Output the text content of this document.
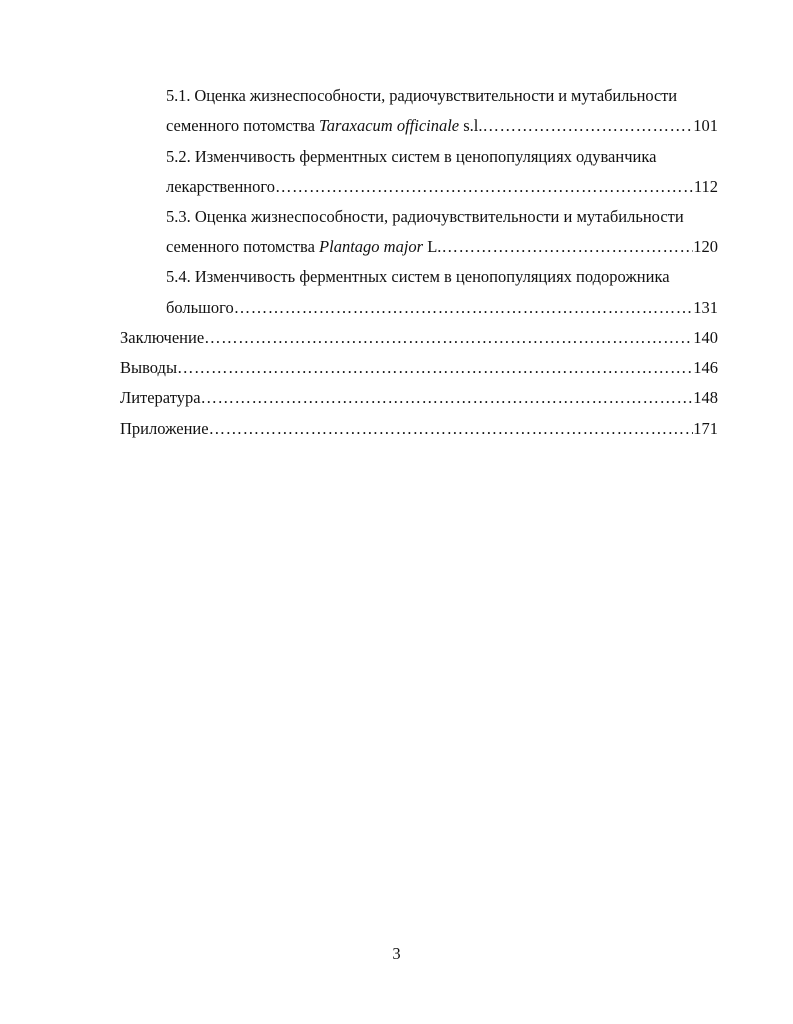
5.1. Оценка жизнеспособности, радиочувствительности и мутабильности
семенного потомства Taraxacum officinale s.l. ……………………………………………………………………………………………………………………………………………………………………	101
5.2. Изменчивость ферментных систем в ценопопуляциях одуванчика
лекарственного ……………………………………………………………………………………………………………………………………………………………………	112
5.3. Оценка жизнеспособности, радиочувствительности и мутабильности
семенного потомства Plantago major L. ……………………………………………………………………………………………………………………………………………………………………	120
5.4. Изменчивость ферментных систем в ценопопуляциях подорожника
большого ……………………………………………………………………………………………………………………………………………………………………	131
Заключение ……………………………………………………………………………………………………………………………………………………………………	140
Выводы ……………………………………………………………………………………………………………………………………………………………………	146
Литература ……………………………………………………………………………………………………………………………………………………………………	148
Приложение ……………………………………………………………………………………………………………………………………………………………………	171
3
